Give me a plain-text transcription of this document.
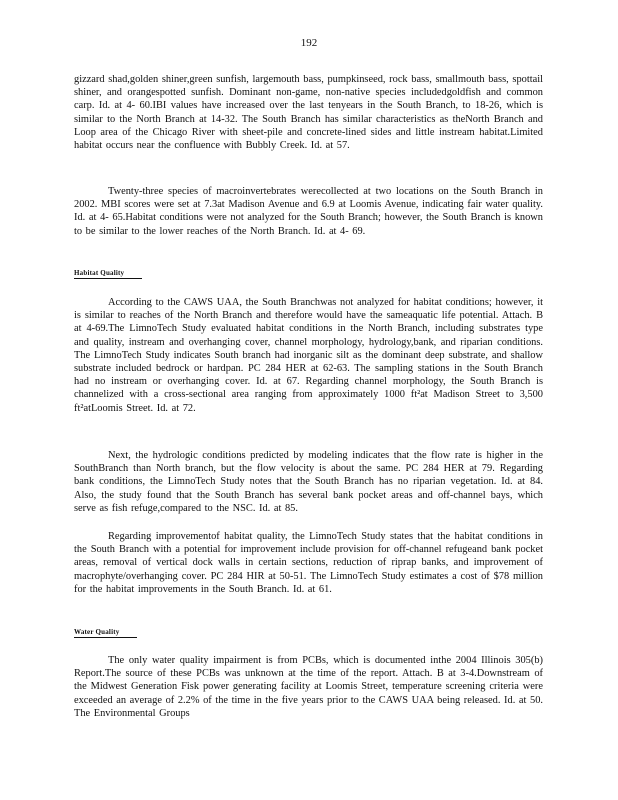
192

gizzard shad,golden shiner,green sunfish, largemouth bass, pumpkinseed, rock bass, smallmouth bass, spottail shiner, and orangespotted sunfish. Dominant non-game, non-native species includedgoldfish and common carp. Id. at 4- 60.IBI values have increased over the last tenyears in the South Branch, to 18-26, which is similar to the North Branch at 14-32. The South Branch has similar characteristics as theNorth Branch and Loop area of the Chicago River with sheet-pile and concrete-lined sides and little instream habitat.Limited habitat occurs near the confluence with Bubbly Creek. Id. at 57.

Twenty-three species of macroinvertebrates werecollected at two locations on the South Branch in 2002. MBI scores were set at 7.3at Madison Avenue and 6.9 at Loomis Avenue, indicating fair water quality. Id. at 4- 65.Habitat conditions were not analyzed for the South Branch; however, the South Branch is known to be similar to the lower reaches of the North Branch. Id. at 4- 69.

Habitat Quality

According to the CAWS UAA, the South Branchwas not analyzed for habitat conditions; however, it is similar to reaches of the North Branch and therefore would have the sameaquatic life potential. Attach. B at 4-69.The LimnoTech Study evaluated habitat conditions in the North Branch, including substrates type and quality, instream and overhanging cover, channel morphology, hydrology,bank, and riparian conditions. The LimnoTech Study indicates South branch had inorganic silt as the dominant deep substrate, and shallow substrate included bedrock or hardpan. PC 284 HER at 62-63. The sampling stations in the South Branch had no instream or overhanging cover. Id. at 67. Regarding channel morphology, the South Branch is channelized with a cross-sectional area ranging from approximately 1000 ft²at Madison Street to 3,500 ft²atLoomis Street. Id. at 72.

Next, the hydrologic conditions predicted by modeling indicates that the flow rate is higher in the SouthBranch than North branch, but the flow velocity is about the same. PC 284 HER at 79. Regarding bank conditions, the LimnoTech Study notes that the South Branch has no riparian vegetation. Id. at 84. Also, the study found that the South Branch has several bank pocket areas and off-channel bays, which serve as fish refuge,compared to the NSC. Id. at 85.

Regarding improvementof habitat quality, the LimnoTech Study states that the habitat conditions in the South Branch with a potential for improvement include provision for off-channel refugeand bank pocket areas, removal of vertical dock walls in certain sections, reduction of riprap banks, and improvement of macrophyte/overhanging cover. PC 284 HIR at 50-51. The LimnoTech Study estimates a cost of $78 million for the habitat improvements in the South Branch. Id. at 61.

Water Quality

The only water quality impairment is from PCBs, which is documented inthe 2004 Illinois 305(b) Report.The source of these PCBs was unknown at the time of the report. Attach. B at 3-4.Downstream of the Midwest Generation Fisk power generating facility at Loomis Street, temperature screening criteria were exceeded an average of 2.2% of the time in the five years prior to the CAWS UAA being released. Id. at 50. The Environmental Groups
